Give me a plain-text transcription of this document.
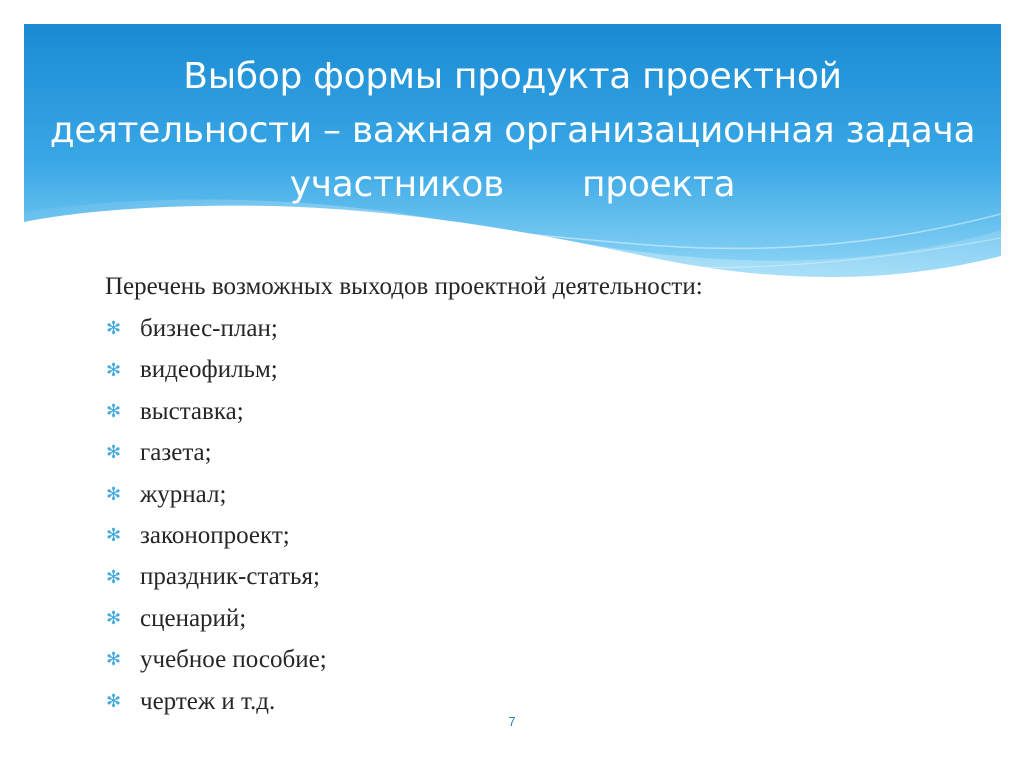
Выбор формы продукта проектной
деятельности – важная организационная задача
участников       проекта

Перечень возможных выходов проектной деятельности:

✻ бизнес-план;
✻ видеофильм;
✻ выставка;
✻ газета;
✻ журнал;
✻ законопроект;
✻ праздник-статья;
✻ сценарий;
✻ учебное пособие;
✻ чертеж и т.д.
7
